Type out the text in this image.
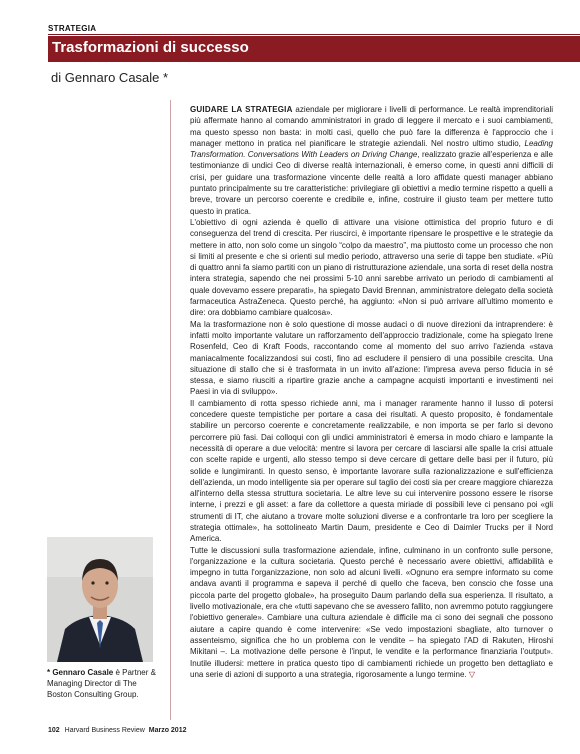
STRATEGIA
Trasformazioni di successo
di Gennaro Casale *

GUIDARE LA STRATEGIA aziendale per migliorare i livelli di performance. Le realtà imprenditoriali più affermate hanno al comando amministratori in grado di leggere il mercato e i suoi cambiamenti, ma questo spesso non basta: in molti casi, quello che può fare la differenza è l'approccio che i manager mettono in pratica nel pianificare le strategie aziendali. Nel nostro ultimo studio, Leading Transformation. Conversations With Leaders on Driving Change, realizzato grazie all'esperienza e alle testimonianze di undici Ceo di diverse realtà internazionali, è emerso come, in questi anni difficili di crisi, per guidare una trasformazione vincente delle realtà a loro affidate questi manager abbiano puntato principalmente su tre caratteristiche: privilegiare gli obiettivi a medio termine rispetto a quelli a breve, trovare un percorso coerente e credibile e, infine, costruire il giusto team per mettere tutto questo in pratica.

L'obiettivo di ogni azienda è quello di attivare una visione ottimistica del proprio futuro e di conseguenza del trend di crescita. Per riuscirci, è importante ripensare le prospettive e le strategie da mettere in atto, non solo come un singolo “colpo da maestro”, ma piuttosto come un processo che non si limiti al presente e che si orienti sul medio periodo, attraverso una serie di tappe ben studiate. «Più di quattro anni fa siamo partiti con un piano di ristrutturazione aziendale, una sorta di reset della nostra intera strategia, sapendo che nei prossimi 5-10 anni sarebbe arrivato un periodo di cambiamenti al quale dovevamo essere preparati», ha spiegato David Brennan, amministratore delegato della società farmaceutica AstraZeneca. Questo perché, ha aggiunto: «Non si può arrivare all'ultimo momento e dire: ora dobbiamo cambiare qualcosa».

Ma la trasformazione non è solo questione di mosse audaci o di nuove direzioni da intraprendere: è infatti molto importante valutare un rafforzamento dell'approccio tradizionale, come ha spiegato Irene Rosenfeld, Ceo di Kraft Foods, raccontando come al momento del suo arrivo l'azienda «stava maniacalmente focalizzandosi sui costi, fino ad escludere il pensiero di una possibile crescita. Una situazione di stallo che si è trasformata in un invito all'azione: l'impresa aveva perso fiducia in sé stessa, e siamo riusciti a ripartire grazie anche a campagne acquisti importanti e investimenti nei Paesi in via di sviluppo».

Il cambiamento di rotta spesso richiede anni, ma i manager raramente hanno il lusso di potersi concedere queste tempistiche per portare a casa dei risultati. A questo proposito, è fondamentale stabilire un percorso coerente e concretamente realizzabile, e non importa se per farlo si devono percorrere più fasi. Dai colloqui con gli undici amministratori è emersa in modo chiaro e lampante la necessità di operare a due velocità: mentre si lavora per cercare di lasciarsi alle spalle la crisi attuale con scelte rapide e urgenti, allo stesso tempo si deve cercare di gettare delle basi per il futuro, più solide e lungimiranti. In questo senso, è importante lavorare sulla razionalizzazione e sull'efficienza dell'azienda, un modo intelligente sia per operare sul taglio dei costi sia per creare maggiore chiarezza all'interno della stessa struttura societaria. Le altre leve su cui intervenire possono essere le risorse interne, i prezzi e gli asset: a fare da collettore a questa miriade di possibili leve ci pensano poi «gli strumenti di IT, che aiutano a trovare molte soluzioni diverse e a confrontarle tra loro per scegliere la strategia ottimale», ha sottolineato Martin Daum, presidente e Ceo di Daimler Trucks per il Nord America.

Tutte le discussioni sulla trasformazione aziendale, infine, culminano in un confronto sulle persone, l'organizzazione e la cultura societaria. Questo perché è necessario avere obiettivi, affidabilità e impegno in tutta l'organizzazione, non solo ad alcuni livelli. «Ognuno era sempre informato su come andava avanti il programma e sapeva il perché di quello che faceva, ben conscio che fosse una piccola parte del progetto globale», ha proseguito Daum parlando della sua esperienza. Il risultato, a livello motivazionale, era che «tutti sapevano che se avessero fallito, non avremmo potuto raggiungere l'obiettivo generale». Cambiare una cultura aziendale è difficile ma ci sono dei segnali che possono aiutare a capire quando è come intervenire: «Se vedo impostazioni sbagliate, alto turnover o assenteismo, significa che ho un problema con le vendite – ha spiegato l'AD di Rakuten, Hiroshi Mikitani –. La motivazione delle persone è l'input, le vendite e la performance finanziaria l'output». Inutile illudersi: mettere in pratica questo tipo di cambiamenti richiede un progetto ben dettagliato e una serie di azioni di supporto a una strategia, rigorosamente a lungo termine. ▽

* Gennaro Casale è Partner & Managing Director di The Boston Consulting Group.
102 Harvard Business Review Marzo 2012
